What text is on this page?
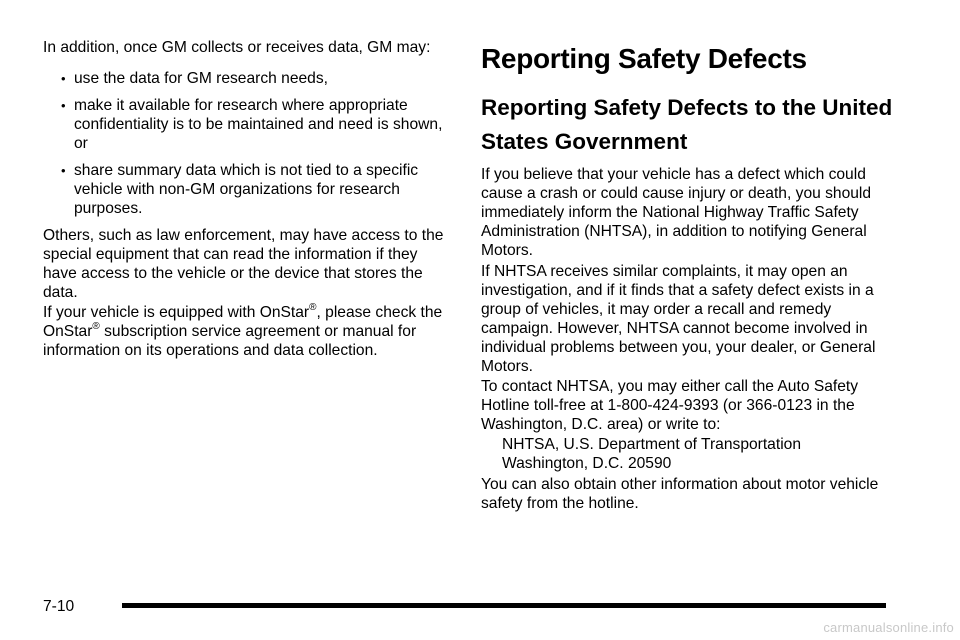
In addition, once GM collects or receives data, GM may:

• use the data for GM research needs,
• make it available for research where appropriate confidentiality is to be maintained and need is shown, or
• share summary data which is not tied to a specific vehicle with non-GM organizations for research purposes.

Others, such as law enforcement, may have access to the special equipment that can read the information if they have access to the vehicle or the device that stores the data.

If your vehicle is equipped with OnStar®, please check the OnStar® subscription service agreement or manual for information on its operations and data collection.

Reporting Safety Defects
Reporting Safety Defects to the United States Government

If you believe that your vehicle has a defect which could cause a crash or could cause injury or death, you should immediately inform the National Highway Traffic Safety Administration (NHTSA), in addition to notifying General Motors.

If NHTSA receives similar complaints, it may open an investigation, and if it finds that a safety defect exists in a group of vehicles, it may order a recall and remedy campaign. However, NHTSA cannot become involved in individual problems between you, your dealer, or General Motors.

To contact NHTSA, you may either call the Auto Safety Hotline toll-free at 1-800-424-9393 (or 366-0123 in the Washington, D.C. area) or write to:

NHTSA, U.S. Department of Transportation

Washington, D.C. 20590

You can also obtain other information about motor vehicle safety from the hotline.

7-10
carmanualsonline.info
